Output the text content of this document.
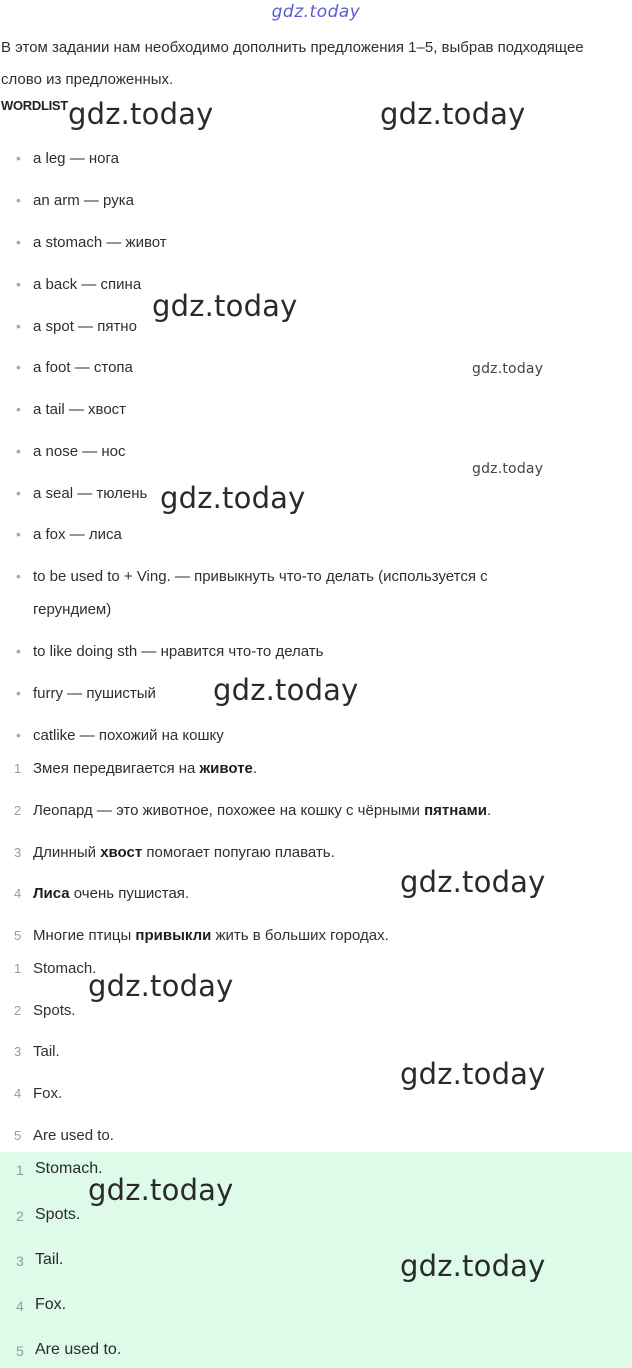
gdz.today
В этом задании нам необходимо дополнить предложения 1–5, выбрав подходящее слово из предложенных.
WORDLIST
• a leg — нога
• an arm — рука
• a stomach — живот
• a back — спина
• a spot — пятно
• a foot — стопа
• a tail — хвост
• a nose — нос
• a seal — тюлень
• a fox — лиса
• to be used to + Ving. — привыкнуть что-то делать (используется с герундием)
• to like doing sth — нравится что-то делать
• furry — пушистый
• catlike — похожий на кошку
1 Змея передвигается на животе.
2 Леопард — это животное, похожее на кошку с чёрными пятнами.
3 Длинный хвост помогает попугаю плавать.
4 Лиса очень пушистая.
5 Многие птицы привыкли жить в больших городах.
1 Stomach.
2 Spots.
3 Tail.
4 Fox.
5 Are used to.
1 Stomach.
2 Spots.
3 Tail.
4 Fox.
5 Are used to.
gdz.today	gdz.today
gdz.today
gdz.today
gdz.today
gdz.today
gdz.today
gdz.today
gdz.today
gdz.today
gdz.today
gdz.today
